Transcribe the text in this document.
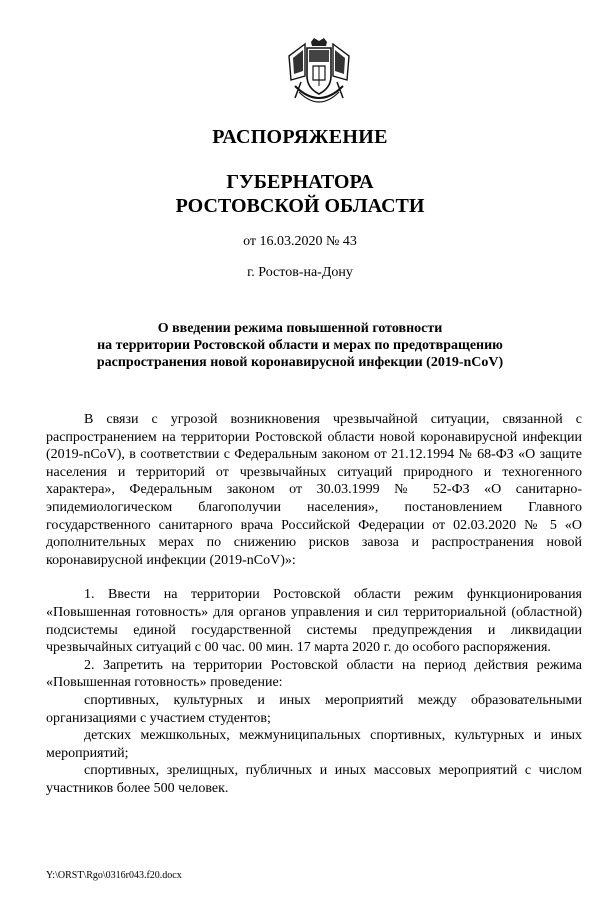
РАСПОРЯЖЕНИЕ
ГУБЕРНАТОРА
РОСТОВСКОЙ ОБЛАСТИ
от 16.03.2020 № 43
г. Ростов-на-Дону
О введении режима повышенной готовности
на территории Ростовской области и мерах по предотвращению
распространения новой коронавирусной инфекции (2019-nCoV)

В связи с угрозой возникновения чрезвычайной ситуации, связанной с распространением на территории Ростовской области новой коронавирусной инфекции (2019-nCoV), в соответствии с Федеральным законом от 21.12.1994 № 68-ФЗ «О защите населения и территорий от чрезвычайных ситуаций природного и техногенного характера», Федеральным законом от 30.03.1999 № 52-ФЗ «О санитарно-эпидемиологическом благополучии населения», постановлением Главного государственного санитарного врача Российской Федерации от 02.03.2020 № 5 «О дополнительных мерах по снижению рисков завоза и распространения новой коронавирусной инфекции (2019-nCoV)»:

1. Ввести на территории Ростовской области режим функционирования «Повышенная готовность» для органов управления и сил территориальной (областной) подсистемы единой государственной системы предупреждения и ликвидации чрезвычайных ситуаций с 00 час. 00 мин. 17 марта 2020 г. до особого распоряжения.

2. Запретить на территории Ростовской области на период действия режима «Повышенная готовность» проведение:

спортивных, культурных и иных мероприятий между образовательными организациями с участием студентов;

детских межшкольных, межмуниципальных спортивных, культурных и иных мероприятий;

спортивных, зрелищных, публичных и иных массовых мероприятий с числом участников более 500 человек.

Y:\ORST\Rgo\0316r043.f20.docx
